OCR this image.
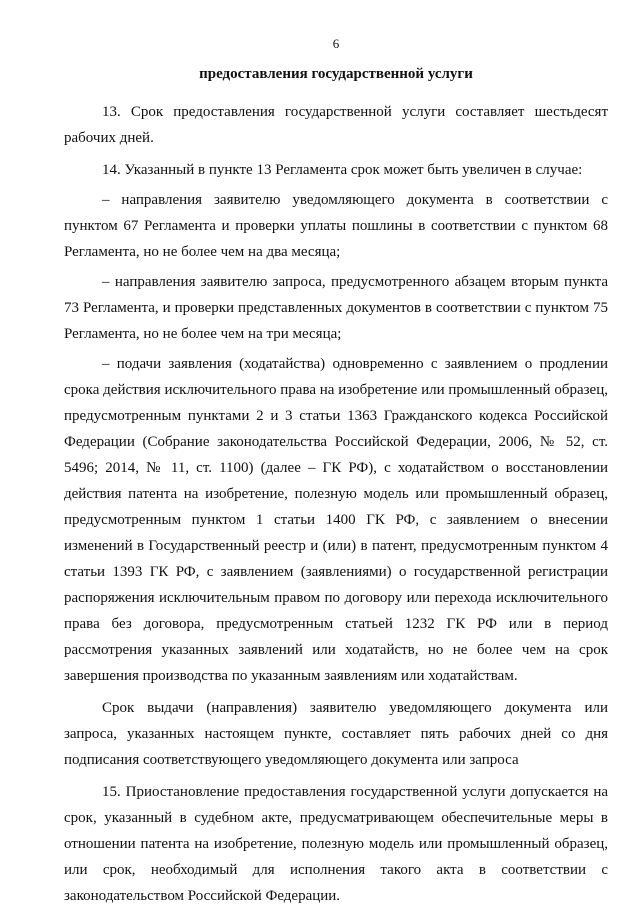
6
предоставления государственной услуги

13. Срок предоставления государственной услуги составляет шестьдесят рабочих дней.

14. Указанный в пункте 13 Регламента срок может быть увеличен в случае:

– направления заявителю уведомляющего документа в соответствии с пунктом 67 Регламента и проверки уплаты пошлины в соответствии с пунктом 68 Регламента, но не более чем на два месяца;

– направления заявителю запроса, предусмотренного абзацем вторым пункта 73 Регламента, и проверки представленных документов в соответствии с пунктом 75 Регламента, но не более чем на три месяца;

– подачи заявления (ходатайства) одновременно с заявлением о продлении срока действия исключительного права на изобретение или промышленный образец, предусмотренным пунктами 2 и 3 статьи 1363 Гражданского кодекса Российской Федерации (Собрание законодательства Российской Федерации, 2006, № 52, ст. 5496; 2014, № 11, ст. 1100) (далее – ГК РФ), с ходатайством о восстановлении действия патента на изобретение, полезную модель или промышленный образец, предусмотренным пунктом 1 статьи 1400 ГК РФ, с заявлением о внесении изменений в Государственный реестр и (или) в патент, предусмотренным пунктом 4 статьи 1393 ГК РФ, с заявлением (заявлениями) о государственной регистрации распоряжения исключительным правом по договору или перехода исключительного права без договора, предусмотренным статьей 1232 ГК РФ или в период рассмотрения указанных заявлений или ходатайств, но не более чем на срок завершения производства по указанным заявлениям или ходатайствам.

Срок выдачи (направления) заявителю уведомляющего документа или запроса, указанных настоящем пункте, составляет пять рабочих дней со дня подписания соответствующего уведомляющего документа или запроса

15. Приостановление предоставления государственной услуги допускается на срок, указанный в судебном акте, предусматривающем обеспечительные меры в отношении патента на изобретение, полезную модель или промышленный образец, или срок, необходимый для исполнения такого акта в соответствии с законодательством Российской Федерации.
